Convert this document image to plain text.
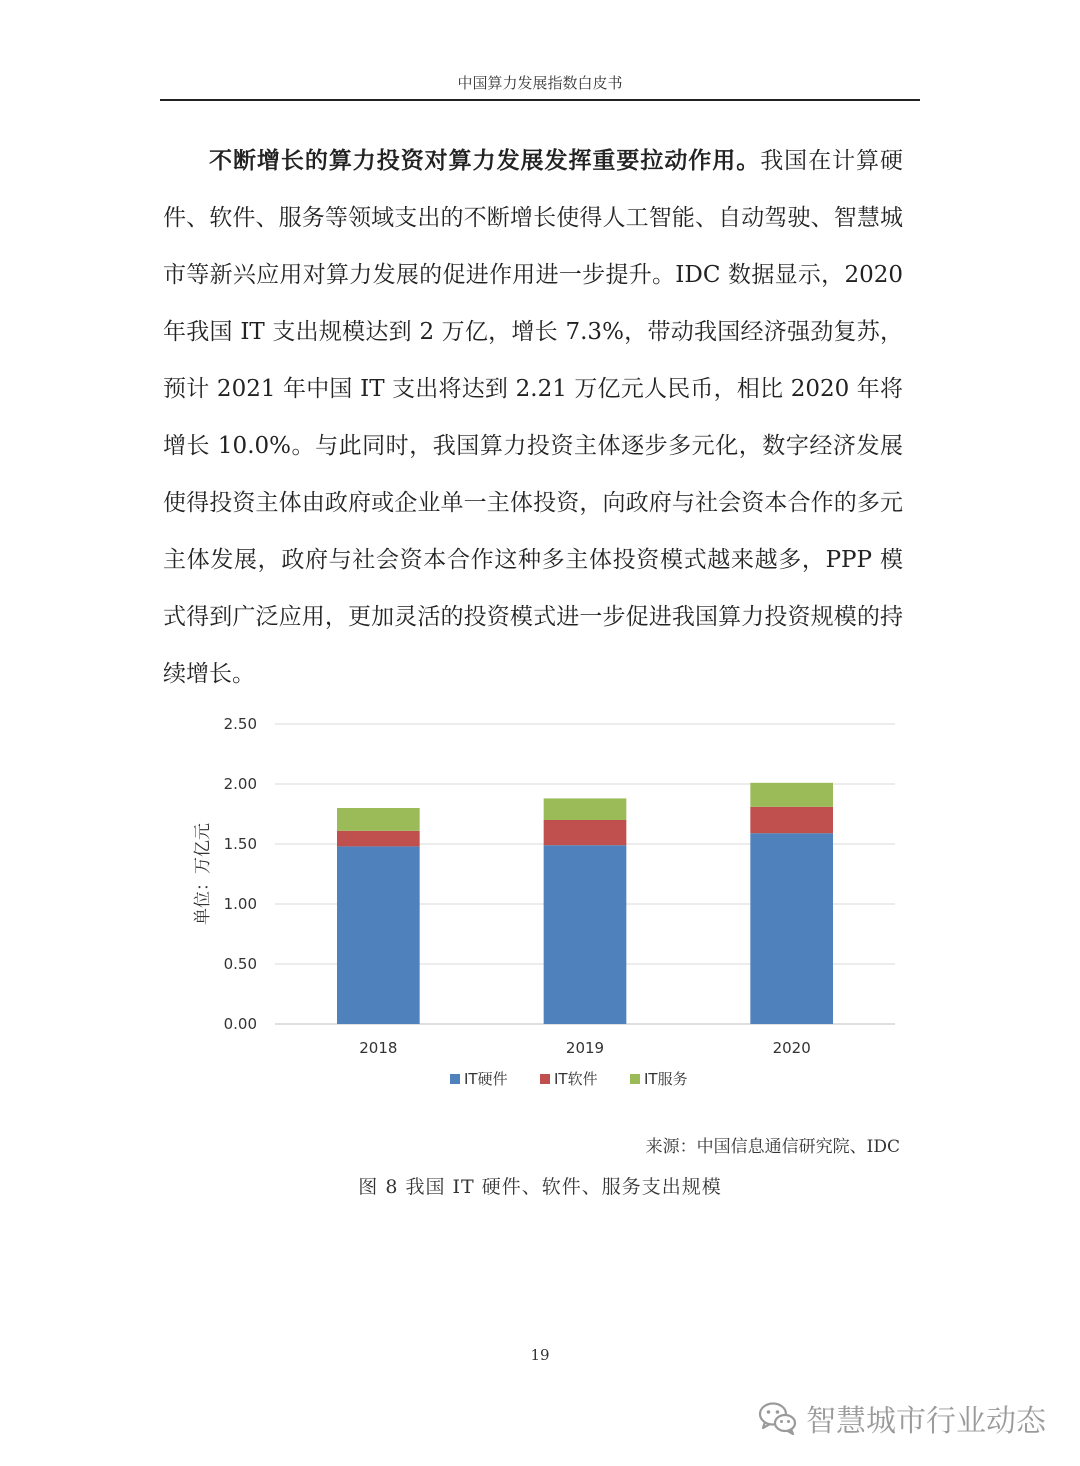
中国算力发展指数白皮书

不断增长的算力投资对算力发展发挥重要拉动作用。我国在计算硬件、软件、服务等领域支出的不断增长使得人工智能、自动驾驶、智慧城市等新兴应用对算力发展的促进作用进一步提升。IDC 数据显示，2020 年我国 IT 支出规模达到 2 万亿，增长 7.3%，带动我国经济强劲复苏，预计 2021 年中国 IT 支出将达到 2.21 万亿元人民币，相比 2020 年将增长 10.0%。与此同时，我国算力投资主体逐步多元化，数字经济发展使得投资主体由政府或企业单一主体投资，向政府与社会资本合作的多元主体发展，政府与社会资本合作这种多主体投资模式越来越多，PPP 模式得到广泛应用，更加灵活的投资模式进一步促进我国算力投资规模的持续增长。

0.00
0.50
1.00
1.50
2.00
2.50
单位：万亿元
2018	2019	2020
IT硬件	IT软件	IT服务
来源：中国信息通信研究院、IDC
图 8 我国 IT 硬件、软件、服务支出规模
19
智慧城市行业动态
